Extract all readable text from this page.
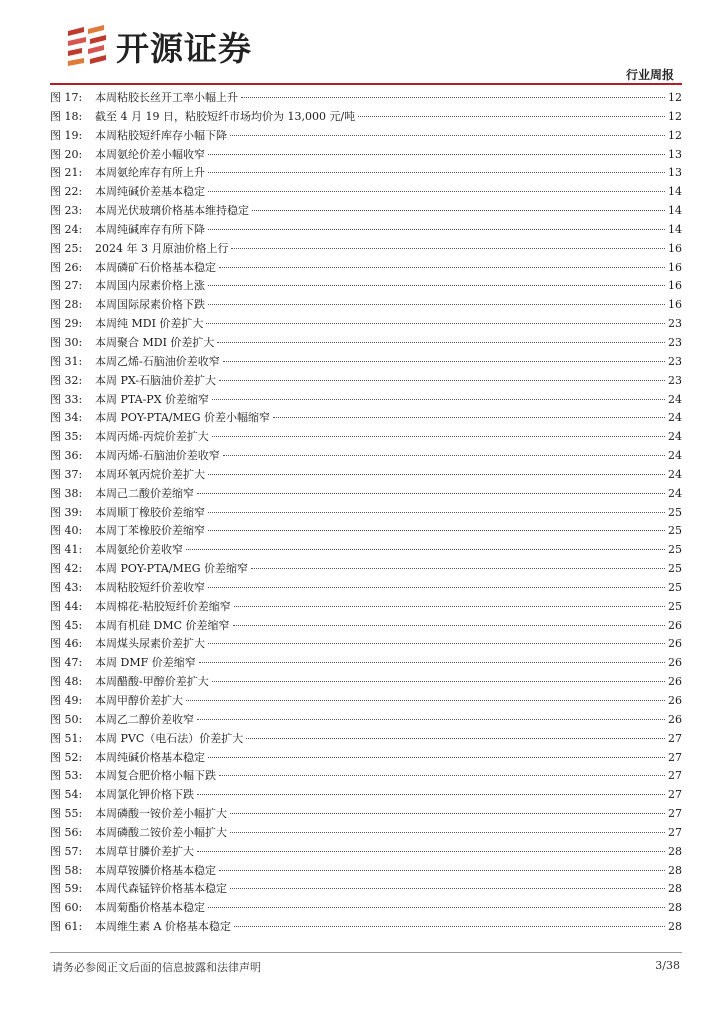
开源证券
行业周报
图 17:	本周粘胶长丝开工率小幅上升	12
图 18:	截至 4 月 19 日，粘胶短纤市场均价为 13,000 元/吨	12
图 19:	本周粘胶短纤库存小幅下降	12
图 20:	本周氨纶价差小幅收窄	13
图 21:	本周氨纶库存有所上升	13
图 22:	本周纯碱价差基本稳定	14
图 23:	本周光伏玻璃价格基本维持稳定	14
图 24:	本周纯碱库存有所下降	14
图 25:	2024 年 3 月原油价格上行	16
图 26:	本周磷矿石价格基本稳定	16
图 27:	本周国内尿素价格上涨	16
图 28:	本周国际尿素价格下跌	16
图 29:	本周纯 MDI 价差扩大	23
图 30:	本周聚合 MDI 价差扩大	23
图 31:	本周乙烯-石脑油价差收窄	23
图 32:	本周 PX-石脑油价差扩大	23
图 33:	本周 PTA-PX 价差缩窄	24
图 34:	本周 POY-PTA/MEG 价差小幅缩窄	24
图 35:	本周丙烯-丙烷价差扩大	24
图 36:	本周丙烯-石脑油价差收窄	24
图 37:	本周环氧丙烷价差扩大	24
图 38:	本周己二酸价差缩窄	24
图 39:	本周顺丁橡胶价差缩窄	25
图 40:	本周丁苯橡胶价差缩窄	25
图 41:	本周氨纶价差收窄	25
图 42:	本周 POY-PTA/MEG 价差缩窄	25
图 43:	本周粘胶短纤价差收窄	25
图 44:	本周棉花-粘胶短纤价差缩窄	25
图 45:	本周有机硅 DMC 价差缩窄	26
图 46:	本周煤头尿素价差扩大	26
图 47:	本周 DMF 价差缩窄	26
图 48:	本周醋酸-甲醇价差扩大	26
图 49:	本周甲醇价差扩大	26
图 50:	本周乙二醇价差收窄	26
图 51:	本周 PVC（电石法）价差扩大	27
图 52:	本周纯碱价格基本稳定	27
图 53:	本周复合肥价格小幅下跌	27
图 54:	本周氯化钾价格下跌	27
图 55:	本周磷酸一铵价差小幅扩大	27
图 56:	本周磷酸二铵价差小幅扩大	27
图 57:	本周草甘膦价差扩大	28
图 58:	本周草铵膦价格基本稳定	28
图 59:	本周代森锰锌价格基本稳定	28
图 60:	本周菊酯价格基本稳定	28
图 61:	本周维生素 A 价格基本稳定	28
请务必参阅正文后面的信息披露和法律声明	3/38
